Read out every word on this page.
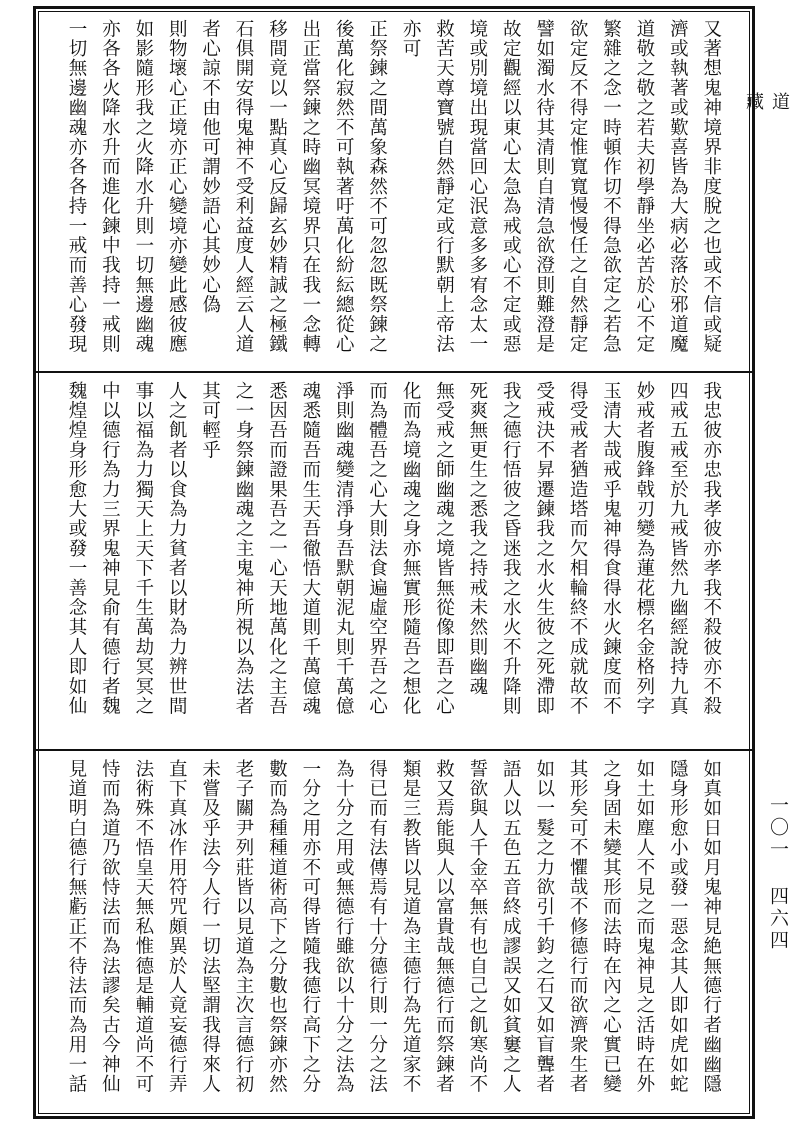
又著想鬼神境界非度脫之也或不信或疑
濟或執著或歎喜皆為大病必落於邪道魔
道敬之敬之若夫初學靜坐必苦於心不定
繁雜之念一時頓作切不得急欲定之若急
欲定反不得定惟寬寬慢慢任之自然靜定
譬如濁水待其清則自清急欲澄則難澄是
故定觀經以東心太急為戒或心不定或惡
境或別境出現當回心泯意多多宥念太一
救苦天尊寶號自然靜定或行默朝上帝法
亦可
正祭鍊之間萬象森然不可忽忽既祭鍊之
後萬化寂然不可執著吁萬化紛紜總從心
出正當祭鍊之時幽冥境界只在我一念轉
移間竟以一點真心反歸玄妙精誠之極鐵
石俱開安得鬼神不受利益度人經云人道
者心諒不由他可謂妙語心其妙心偽
則物壞心正境亦正心變境亦變此感彼應
如影隨形我之火降水升則一切無邊幽魂
亦各各火降水升而進化鍊中我持一戒則
一切無邊幽魂亦各各持一戒而善心發現
我忠彼亦忠我孝彼亦孝我不殺彼亦不殺
四戒五戒至於九戒皆然九幽經說持九真
妙戒者腹鋒戟刃變為蓮花標名金格列字
玉清大哉戒乎鬼神得食得水火鍊度而不
得受戒者猶造塔而欠相輪終不成就故不
受戒決不昇遷鍊我之水火生彼之死滯即
我之德行悟彼之昏迷我之水火不升降則
死爽無更生之悉我之持戒未然則幽魂
無受戒之師幽魂之境皆無從像即吾之心
化而為境幽魂之身亦無實形隨吾之想化
而為體吾之心大則法食遍虛空界吾之心
淨則幽魂變清淨身吾默朝泥丸則千萬億
魂悉隨吾而生天吾徹悟大道則千萬億魂
悉因吾而證果吾之一心天地萬化之主吾
之一身祭鍊幽魂之主鬼神所視以為法者
其可輕乎
人之飢者以食為力貧者以財為力辨世間
事以福為力獨天上天下千生萬劫冥冥之
中以德行為力三界鬼神見俞有德行者魏
魏煌煌身形愈大或發一善念其人即如仙
如真如日如月鬼神見絶無德行者幽幽隱
隱身形愈小或發一惡念其人即如虎如蛇
如土如塵人不見之而鬼神見之活時在外
之身固未變其形而法時在內之心實已變
其形矣可不懼哉不修德行而欲濟衆生者
如以一髮之力欲引千鈞之石又如盲聾者
語人以五色五音終成謬誤又如貧窶之人
誓欲與人千金卒無有也自己之飢寒尚不
救又焉能與人以富貴哉無德行而祭鍊者
類是三教皆以見道為主德行為先道家不
得已而有法傳焉有十分德行則一分之法
為十分之用或無德行雖欲以十分之法為
一分之用亦不可得皆隨我德行高下之分
數而為種種道術高下之分數也祭鍊亦然
老子關尹列莊皆以見道為主次言德行初
未嘗及乎法今人行一切法堅謂我得來人
直下真冰作用符咒頗異於人竟妄德行弄
法術殊不悟皇天無私惟德是輔道尚不可
恃而為道乃欲恃法而為法謬矣古今神仙
見道明白德行無虧正不待法而為用一話
道 藏
一〇一 四六四
